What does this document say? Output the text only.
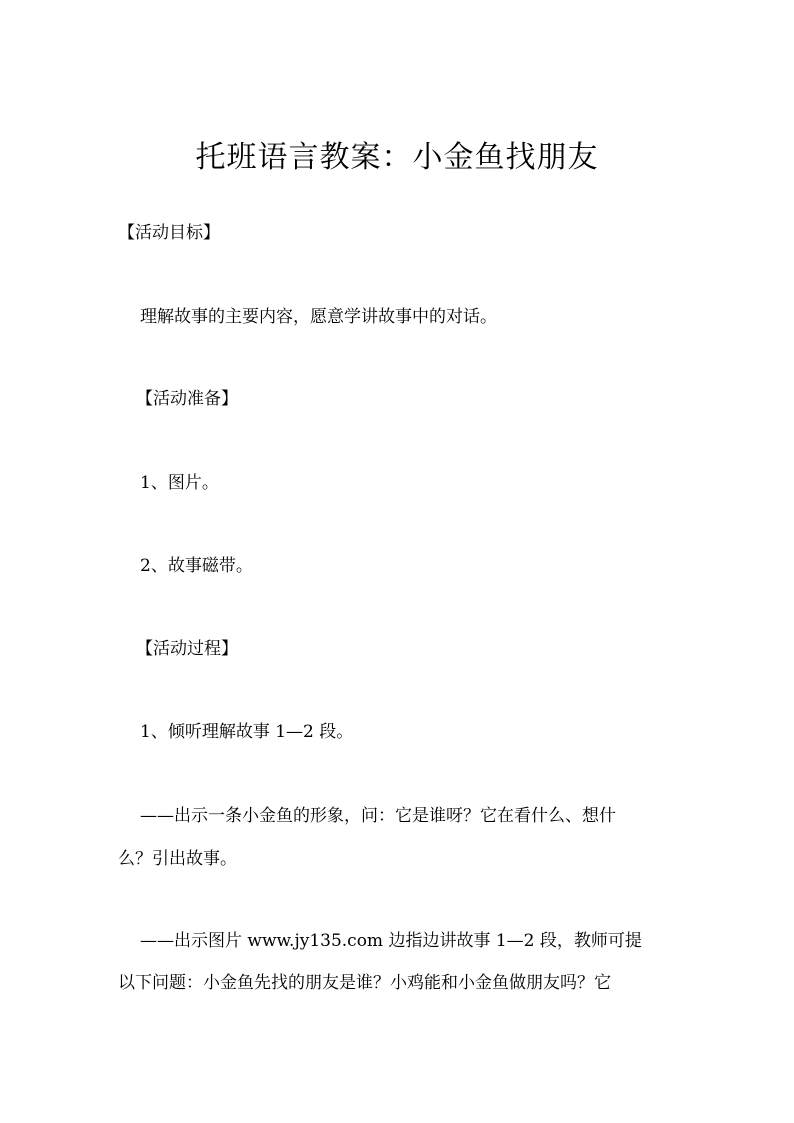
托班语言教案：小金鱼找朋友

【活动目标】

理解故事的主要内容，愿意学讲故事中的对话。

【活动准备】

1、图片。

2、故事磁带。

【活动过程】

1、倾听理解故事 1—2 段。

——出示一条小金鱼的形象，问：它是谁呀？它在看什么、想什

么？引出故事。

——出示图片 www.jy135.com 边指边讲故事 1—2 段，教师可提

以下问题：小金鱼先找的朋友是谁？小鸡能和小金鱼做朋友吗？它
